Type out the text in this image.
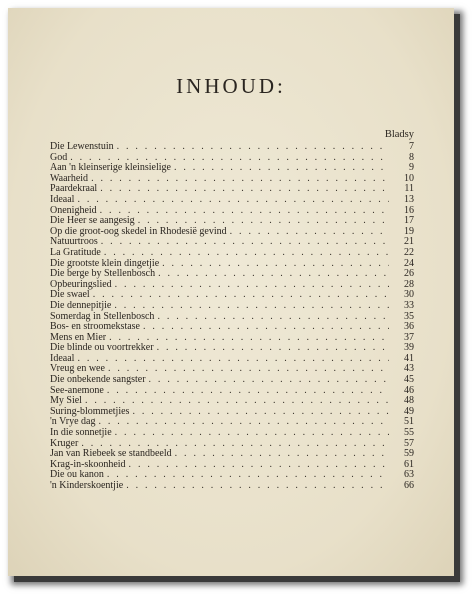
INHOUD:
Bladsy
Die Lewenstuin . . .	7
God . . .	8
Aan 'n kleinserige kleinsielige . . .	9
Waarheid . . .	10
Paardekraal . . .	11
Ideaal . . .	13
Onenigheid . . .	16
Die Heer se aangesig . . .	17
Op die groot-oog skedel in Rhodesië gevind . . .	19
Natuurtroos . . .	21
La Gratitude . . .	22
Die grootste klein dingetjie . . .	24
Die berge by Stellenbosch . . .	26
Opbeuringslied . . .	28
Die swael . . .	30
Die dennepitjie . . .	33
Somerdag in Stellenbosch . . .	35
Bos- en stroomekstase . . .	36
Mens en Mier . . .	37
Die blinde ou voortrekker . . .	39
Ideaal . . .	41
Vreug en wee . . .	43
Die onbekende sangster . . .	45
See-anemone . . .	46
My Siel . . .	48
Suring-blommetjies . . .	49
'n Vrye dag . . .	51
In die sonnetjie . . .	55
Kruger . . .	57
Jan van Riebeek se standbeeld . . .	59
Krag-in-skoonheid . . .	61
Die ou kanon . . .	63
'n Kinderskoentjie . . .	66
